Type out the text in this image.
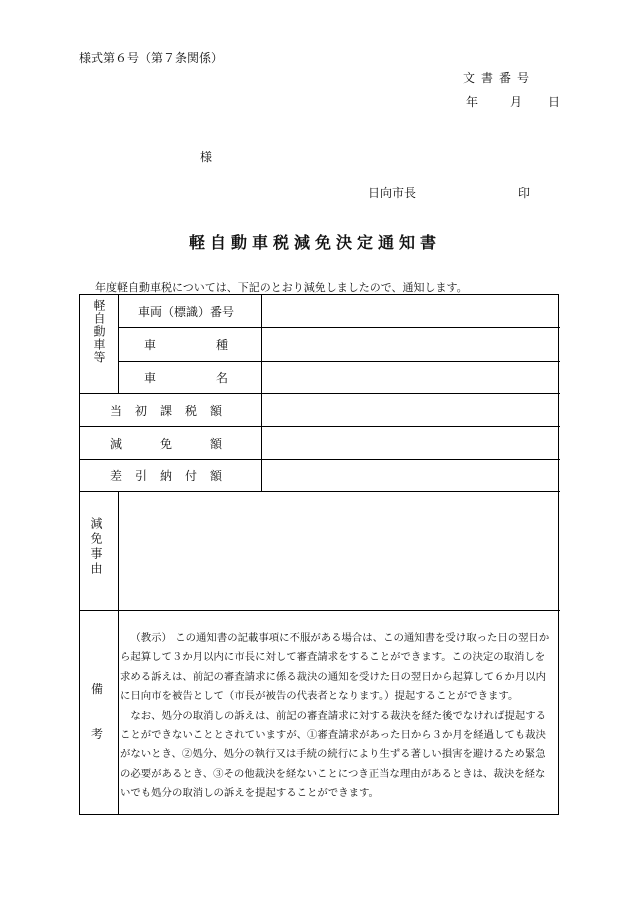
様式第６号（第７条関係）
文書番号
年	月 日
様
日向市長	印
軽自動車税減免決定通知書
年度軽自動車税については、下記のとおり減免しましたので、通知します。
軽自動車等	車両（標識）番号
車	種
車	名
当初課税額
減免額
差引納付額
減免事由
備
考

（教示） この通知書の記載事項に不服がある場合は、この通知書を受け取った日の翌日から起算して３か月以内に市長に対して審査請求をすることができます。この決定の取消しを求める訴えは、前記の審査請求に係る裁決の通知を受けた日の翌日から起算して６か月以内に日向市を被告として（市長が被告の代表者となります。）提起することができます。

なお、処分の取消しの訴えは、前記の審査請求に対する裁決を経た後でなければ提起することができないこととされていますが、①審査請求があった日から３か月を経過しても裁決がないとき、②処分、処分の執行又は手続の続行により生ずる著しい損害を避けるため緊急の必要があるとき、③その他裁決を経ないことにつき正当な理由があるときは、裁決を経ないでも処分の取消しの訴えを提起することができます。
